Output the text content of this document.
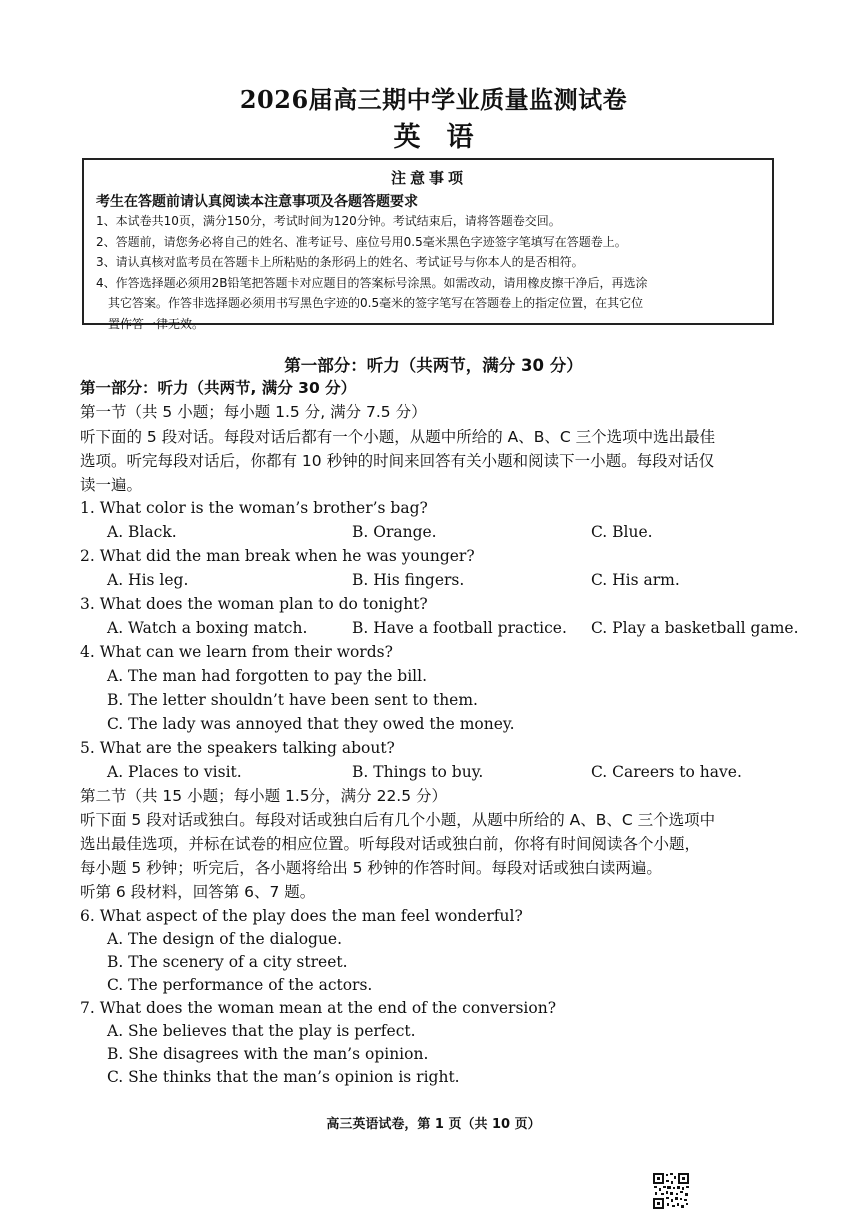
2026届高三期中学业质量监测试卷
英语
注意事项
考生在答题前请认真阅读本注意事项及各题答题要求
1、本试卷共10页，满分150分，考试时间为120分钟。考试结束后，请将答题卷交回。
2、答题前，请您务必将自己的姓名、准考证号、座位号用0.5毫米黑色字迹签字笔填写在答题卷上。
3、请认真核对监考员在答题卡上所粘贴的条形码上的姓名、考试证号与你本人的是否相符。
4、作答选择题必须用2B铅笔把答题卡对应题目的答案标号涂黑。如需改动，请用橡皮擦干净后，再选涂
其它答案。作答非选择题必须用书写黑色字迹的0.5毫米的签字笔写在答题卷上的指定位置，在其它位
置作答一律无效。
第一部分：听力（共两节，满分 30 分）
第一部分：听力（共两节, 满分 30 分）
第一节（共 5 小题；每小题 1.5 分, 满分 7.5 分）
听下面的 5 段对话。每段对话后都有一个小题，从题中所给的 A、B、C 三个选项中选出最佳
选项。听完每段对话后，你都有 10 秒钟的时间来回答有关小题和阅读下一小题。每段对话仅
读一遍。
1. What color is the woman’s brother’s bag?
A. Black.	B. Orange.	C. Blue.
2. What did the man break when he was younger?
A. His leg.	B. His fingers.	C. His arm.
3. What does the woman plan to do tonight?
A. Watch a boxing match.	B. Have a football practice. C. Play a basketball game.
4. What can we learn from their words?
A. The man had forgotten to pay the bill.
B. The letter shouldn’t have been sent to them.
C. The lady was annoyed that they owed the money.
5. What are the speakers talking about?
A. Places to visit.	B. Things to buy.	C. Careers to have.
第二节（共 15 小题；每小题 1.5分，满分 22.5 分）
听下面 5 段对话或独白。每段对话或独白后有几个小题，从题中所给的 A、B、C 三个选项中
选出最佳选项，并标在试卷的相应位置。听每段对话或独白前，你将有时间阅读各个小题，
每小题 5 秒钟；听完后，各小题将给出 5 秒钟的作答时间。每段对话或独白读两遍。
听第 6 段材料，回答第 6、7 题。
6. What aspect of the play does the man feel wonderful?
A. The design of the dialogue.
B. The scenery of a city street.
C. The performance of the actors.
7. What does the woman mean at the end of the conversion?
A. She believes that the play is perfect.
B. She disagrees with the man’s opinion.
C. She thinks that the man’s opinion is right.
高三英语试卷，第 1 页（共 10 页）
